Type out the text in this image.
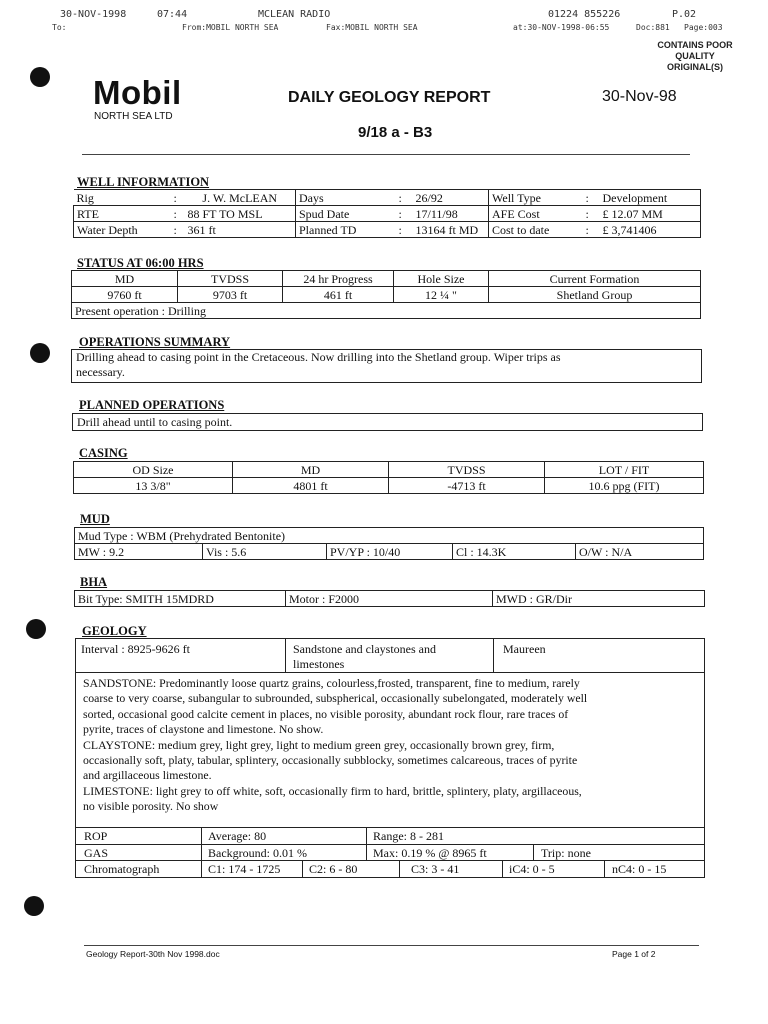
30-NOV-1998	07:44	MCLEAN RADIO	01224 855226	P.02
To:	From:MOBIL NORTH SEA	Fax:MOBIL NORTH SEA	at:30-NOV-1998-06:55	Doc:881 Page:003
CONTAINS POOR
QUALITY
ORIGINAL(S)
Mobil
NORTH SEA LTD
DAILY GEOLOGY REPORT
9/18 a - B3
30-Nov-98
WELL INFORMATION
Rig	:	J. W. McLEAN	Days	:	26/92	Well Type	:	Development
RTE	:	88 FT TO MSL	Spud Date	:	17/11/98	AFE Cost	:	£ 12.07 MM
Water Depth	:	361 ft	Planned TD	:	13164 ft MD	Cost to date	:	£ 3,741406
STATUS AT 06:00 HRS
MD	TVDSS	24 hr Progress	Hole Size	Current Formation
9760 ft	9703 ft	461 ft	12 ¼ "	Shetland Group
Present operation : Drilling				
OPERATIONS SUMMARY
Drilling ahead to casing point in the Cretaceous. Now drilling into the Shetland group. Wiper trips as
necessary.
PLANNED OPERATIONS
Drill ahead until to casing point.
CASING
OD Size	MD	TVDSS	LOT / FIT
13 3/8"	4801 ft	-4713 ft	10.6 ppg (FIT)
MUD
Mud Type : WBM (Prehydrated Bentonite)
MW : 9.2	Vis : 5.6	PV/YP : 10/40	Cl : 14.3K	O/W : N/A
BHA
Bit Type: SMITH 15MDRD	Motor : F2000	MWD : GR/Dir
GEOLOGY
Interval : 8925-9626 ft	Sandstone and claystones and
limestones
Maureen
SANDSTONE: Predominantly loose quartz grains, colourless,frosted, transparent, fine to medium, rarely
coarse to very coarse, subangular to subrounded, subspherical, occasionally subelongated, moderately well
sorted, occasional good calcite cement in places, no visible porosity, abundant rock flour, rare traces of
pyrite, traces of claystone and limestone. No show.
CLAYSTONE: medium grey, light grey, light to medium green grey, occasionally brown grey, firm,
occasionally soft, platy, tabular, splintery, occasionally subblocky, sometimes calcareous, traces of pyrite
and argillaceous limestone.
LIMESTONE: light grey to off white, soft, occasionally firm to hard, brittle, splintery, platy, argillaceous,
no visible porosity. No show
ROP	Average: 80	Range: 8 - 281
GAS	Background: 0.01 %	Max: 0.19 % @ 8965 ft	Trip: none
Chromatograph	C1: 174 - 1725 C2: 6 - 80	C3: 3 - 41	iC4: 0 - 5	nC4: 0 - 15
Geology Report-30th Nov 1998.doc	Page 1 of 2
